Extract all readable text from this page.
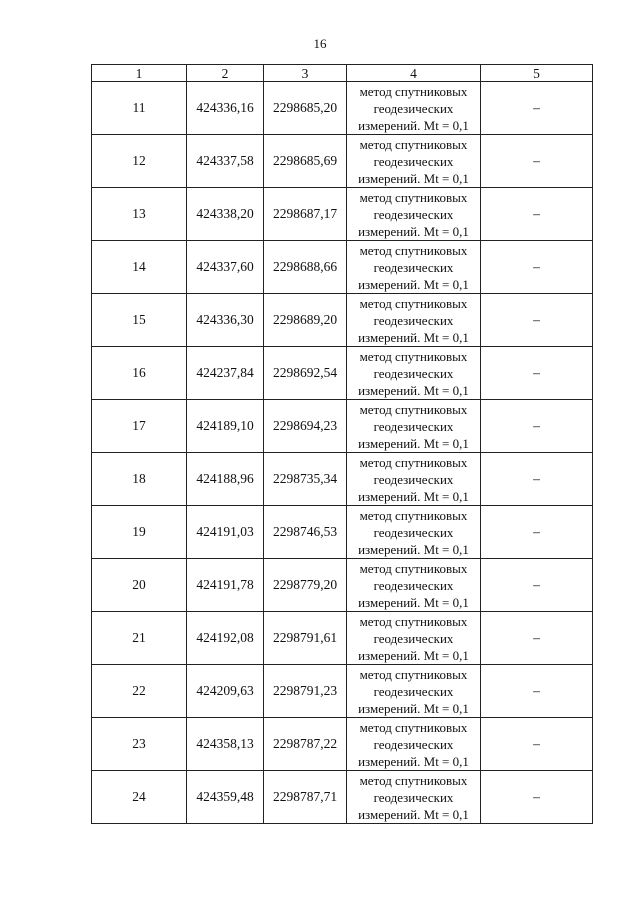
16
1	2	3	4	5
11	424336,16	2298685,20	метод спутниковых
геодезических
измерений. Mt = 0,1	–
12	424337,58	2298685,69	метод спутниковых
геодезических
измерений. Mt = 0,1	–
13	424338,20	2298687,17	метод спутниковых
геодезических
измерений. Mt = 0,1	–
14	424337,60	2298688,66	метод спутниковых
геодезических
измерений. Mt = 0,1	–
15	424336,30	2298689,20	метод спутниковых
геодезических
измерений. Mt = 0,1	–
16	424237,84	2298692,54	метод спутниковых
геодезических
измерений. Mt = 0,1	–
17	424189,10	2298694,23	метод спутниковых
геодезических
измерений. Mt = 0,1	–
18	424188,96	2298735,34	метод спутниковых
геодезических
измерений. Mt = 0,1	–
19	424191,03	2298746,53	метод спутниковых
геодезических
измерений. Mt = 0,1	–
20	424191,78	2298779,20	метод спутниковых
геодезических
измерений. Mt = 0,1	–
21	424192,08	2298791,61	метод спутниковых
геодезических
измерений. Mt = 0,1	–
22	424209,63	2298791,23	метод спутниковых
геодезических
измерений. Mt = 0,1	–
23	424358,13	2298787,22	метод спутниковых
геодезических
измерений. Mt = 0,1	–
24	424359,48	2298787,71	метод спутниковых
геодезических
измерений. Mt = 0,1	–
